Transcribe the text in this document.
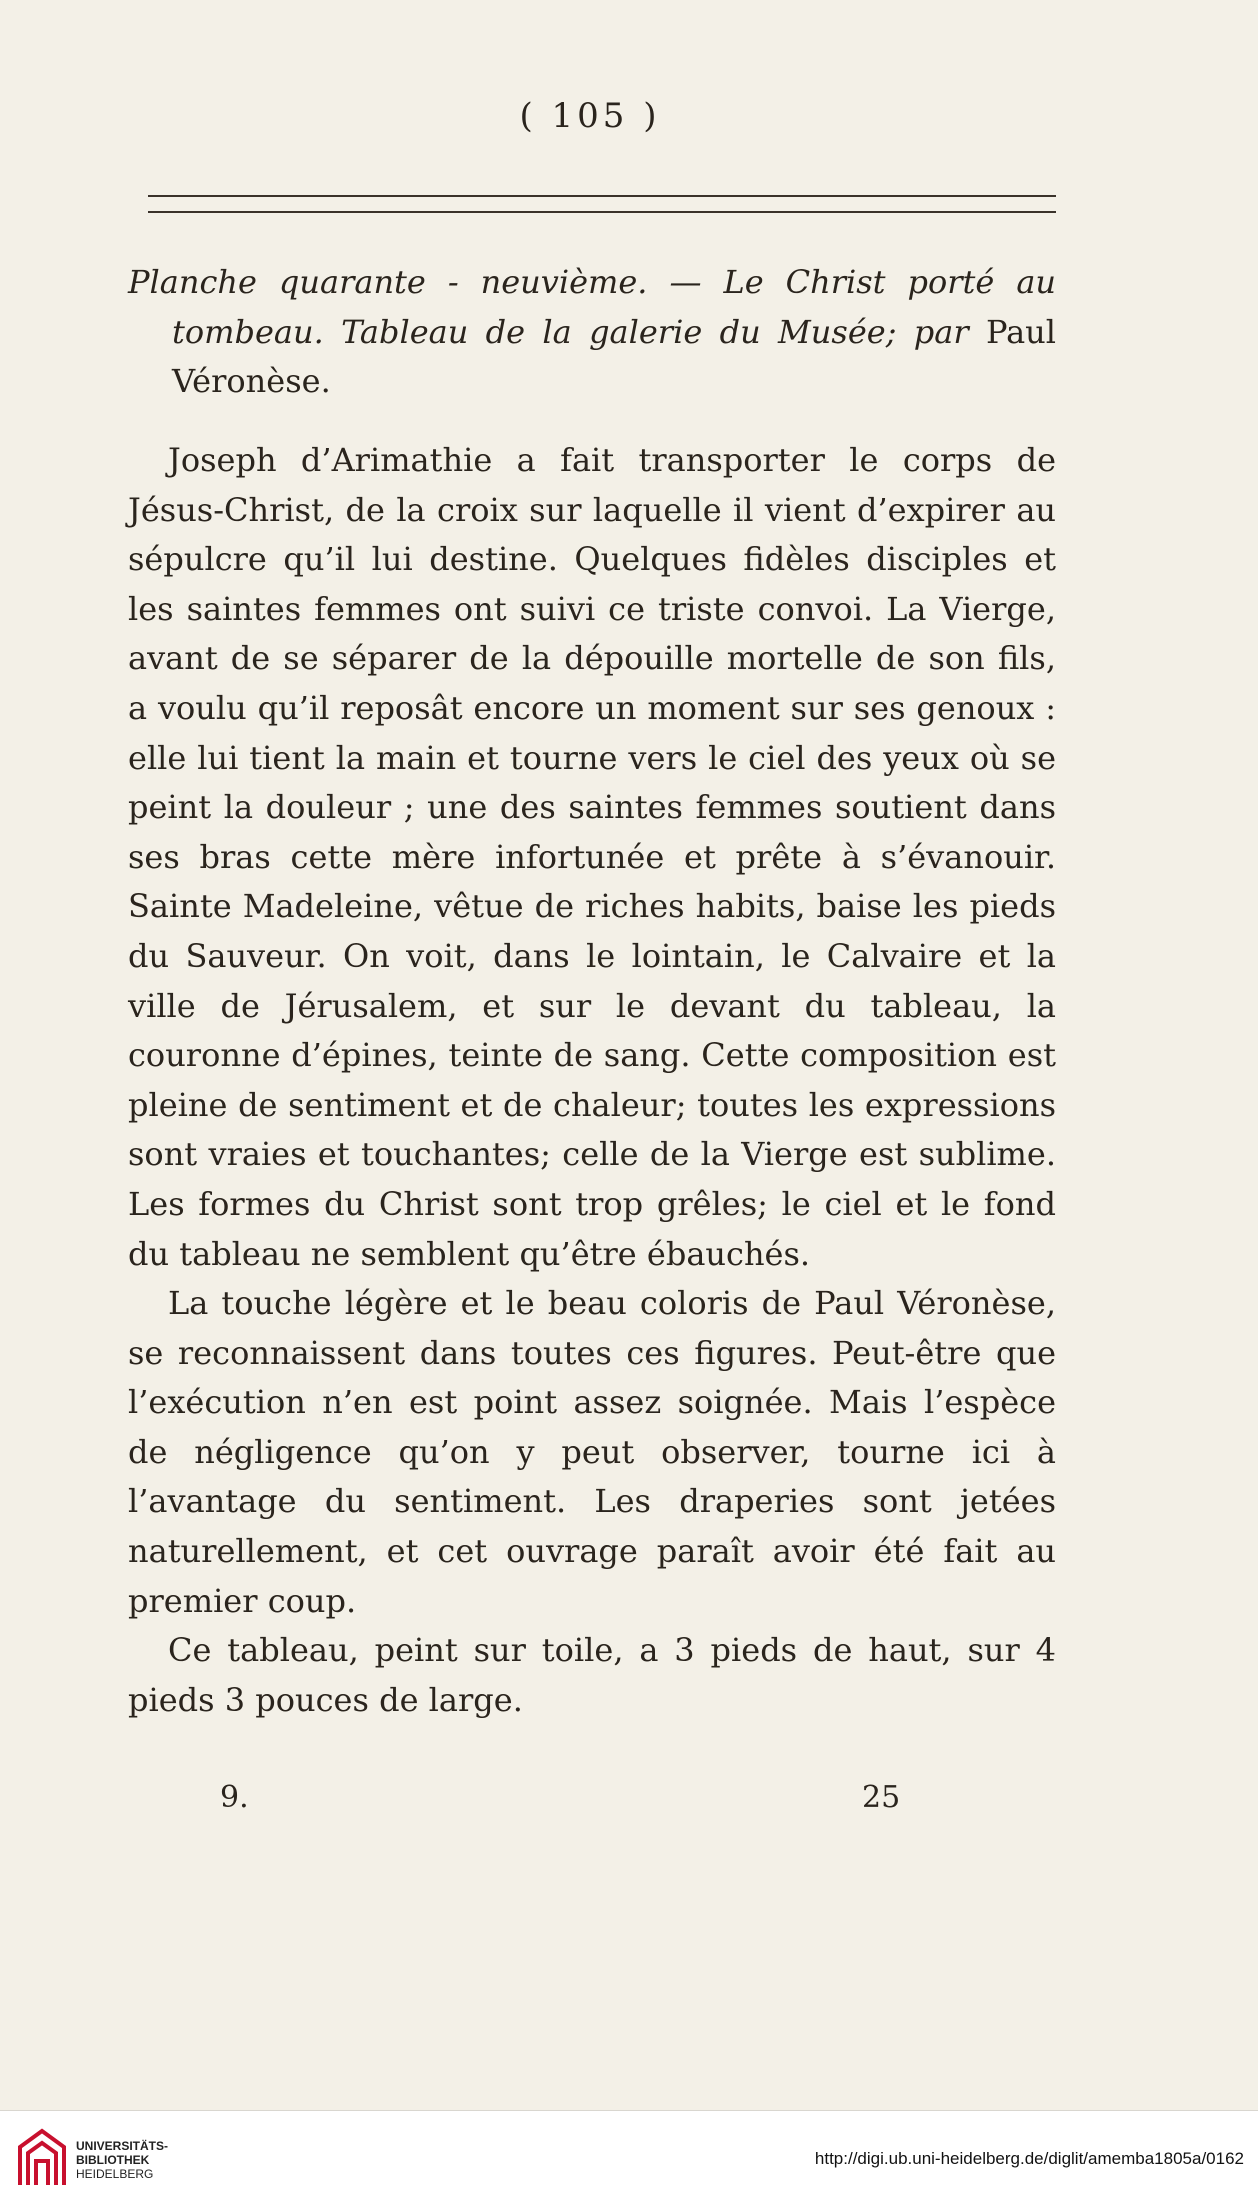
( 105 )

Planche quarante - neuvième. — Le Christ porté au tombeau. Tableau de la galerie du Musée; par Paul Véronèse.

Joseph d’Arimathie a fait transporter le corps de Jésus-Christ, de la croix sur laquelle il vient d’expirer au sépulcre qu’il lui destine. Quelques fidèles disciples et les saintes femmes ont suivi ce triste convoi. La Vierge, avant de se séparer de la dépouille mortelle de son fils, a voulu qu’il reposât encore un moment sur ses genoux : elle lui tient la main et tourne vers le ciel des yeux où se peint la douleur ; une des saintes femmes soutient dans ses bras cette mère infortunée et prête à s’évanouir. Sainte Madeleine, vêtue de riches habits, baise les pieds du Sauveur. On voit, dans le lointain, le Calvaire et la ville de Jérusalem, et sur le devant du tableau, la couronne d’épines, teinte de sang. Cette composition est pleine de sentiment et de chaleur; toutes les expressions sont vraies et touchantes; celle de la Vierge est sublime. Les formes du Christ sont trop grêles; le ciel et le fond du tableau ne semblent qu’être ébauchés.

La touche légère et le beau coloris de Paul Véronèse, se reconnaissent dans toutes ces figures. Peut-être que l’exécution n’en est point assez soignée. Mais l’espèce de négligence qu’on y peut observer, tourne ici à l’avantage du sentiment. Les draperies sont jetées naturellement, et cet ouvrage paraît avoir été fait au premier coup.

Ce tableau, peint sur toile, a 3 pieds de haut, sur 4 pieds 3 pouces de large.

9.	25
UNIVERSITÄTS-
BIBLIOTHEK
HEIDELBERG
http://digi.ub.uni-heidelberg.de/diglit/amemba1805a/0162
